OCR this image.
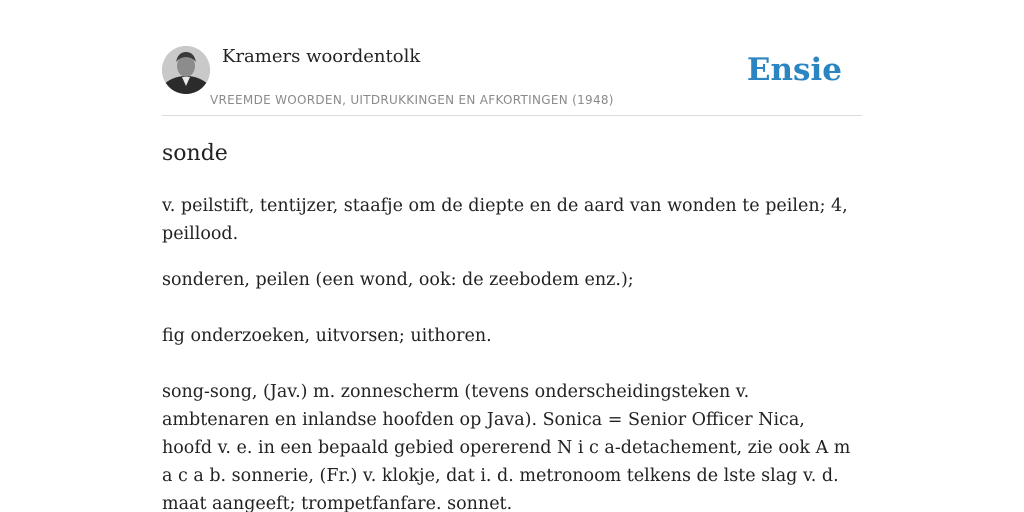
Kramers woordentolk
VREEMDE WOORDEN, UITDRUKKINGEN EN AFKORTINGEN (1948)
Ensie
sonde
v. peilstift, tentijzer, staafje om de diepte en de aard van wonden te peilen; 4, peillood.
sonderen, peilen (een wond, ook: de zeebodem enz.);
fig onderzoeken, uitvorsen; uithoren.
song-song, (Jav.) m. zonnescherm (tevens onderscheidingsteken v. ambtenaren en inlandse hoofden op Java). Sonica = Senior Officer Nica, hoofd v. e. in een bepaald gebied opererend N i c a-detachement, zie ook A m a c a b. sonnerie, (Fr.) v. klokje, dat i. d. metronoom telkens de lste slag v. d. maat aangeeft; trompetfanfare. sonnet.
